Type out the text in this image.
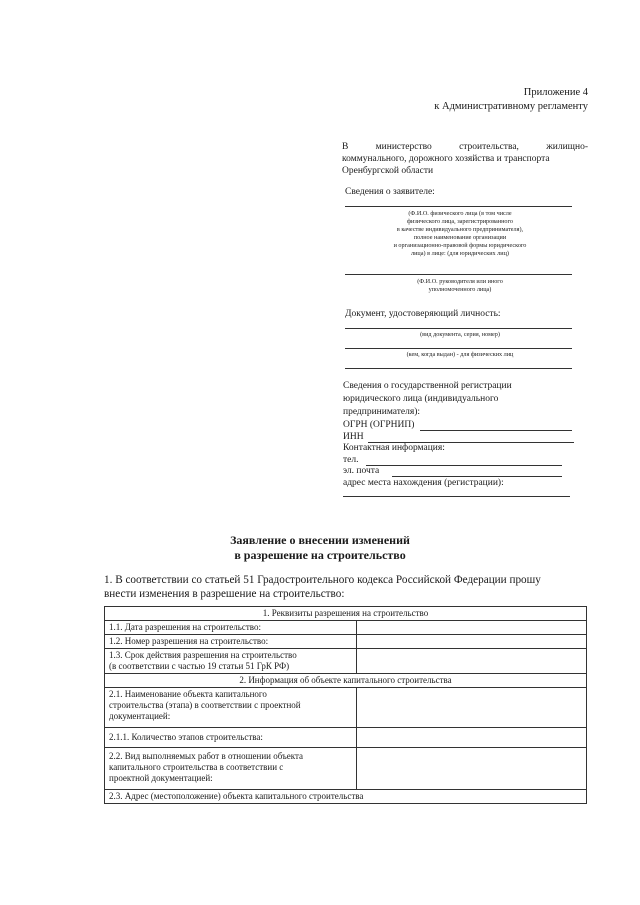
Приложение 4
к Административному регламенту
В министерство строительства, жилищно-
коммунального, дорожного хозяйства и транспорта
Оренбургской области
Сведения о заявителе:
(Ф.И.О. физического лица (в том числе
физического лица, зарегистрированного
в качестве индивидуального предпринимателя),
полное наименование организации
и организационно-правовой формы юридического
лица) в лице: (для юридических лиц)
(Ф.И.О. руководителя или иного
уполномоченного лица)
Документ, удостоверяющий личность:
(вид документа, серия, номер)
(кем, когда выдан) - для физических лиц
Сведения о государственной регистрации
юридического лица (индивидуального
предпринимателя):
ОГРН (ОГРНИП)
ИНН
Контактная информация:
тел.
эл. почта
адрес места нахождения (регистрации):
Заявление о внесении изменений
в разрешение на строительство
1. В соответствии со статьей 51 Градостроительного кодекса Российской Федерации прошу
внести изменения в разрешение на строительство:
1. Реквизиты разрешения на строительство	
1.1. Дата разрешения на строительство:	
1.2. Номер разрешения на строительство:	

1.3. Срок действия разрешения на строительство
(в соответствии с частью 19 статьи 51 ГрК РФ)	

2. Информация об объекте капитального строительства	

2.1. Наименование объекта капитального
строительства (этапа) в соответствии с проектной
документацией:	

2.1.1. Количество этапов строительства:	

2.2. Вид выполняемых работ в отношении объекта
капитального строительства в соответствии с
проектной документацией:	

2.3. Адрес (местоположение) объекта капитального строительства	
